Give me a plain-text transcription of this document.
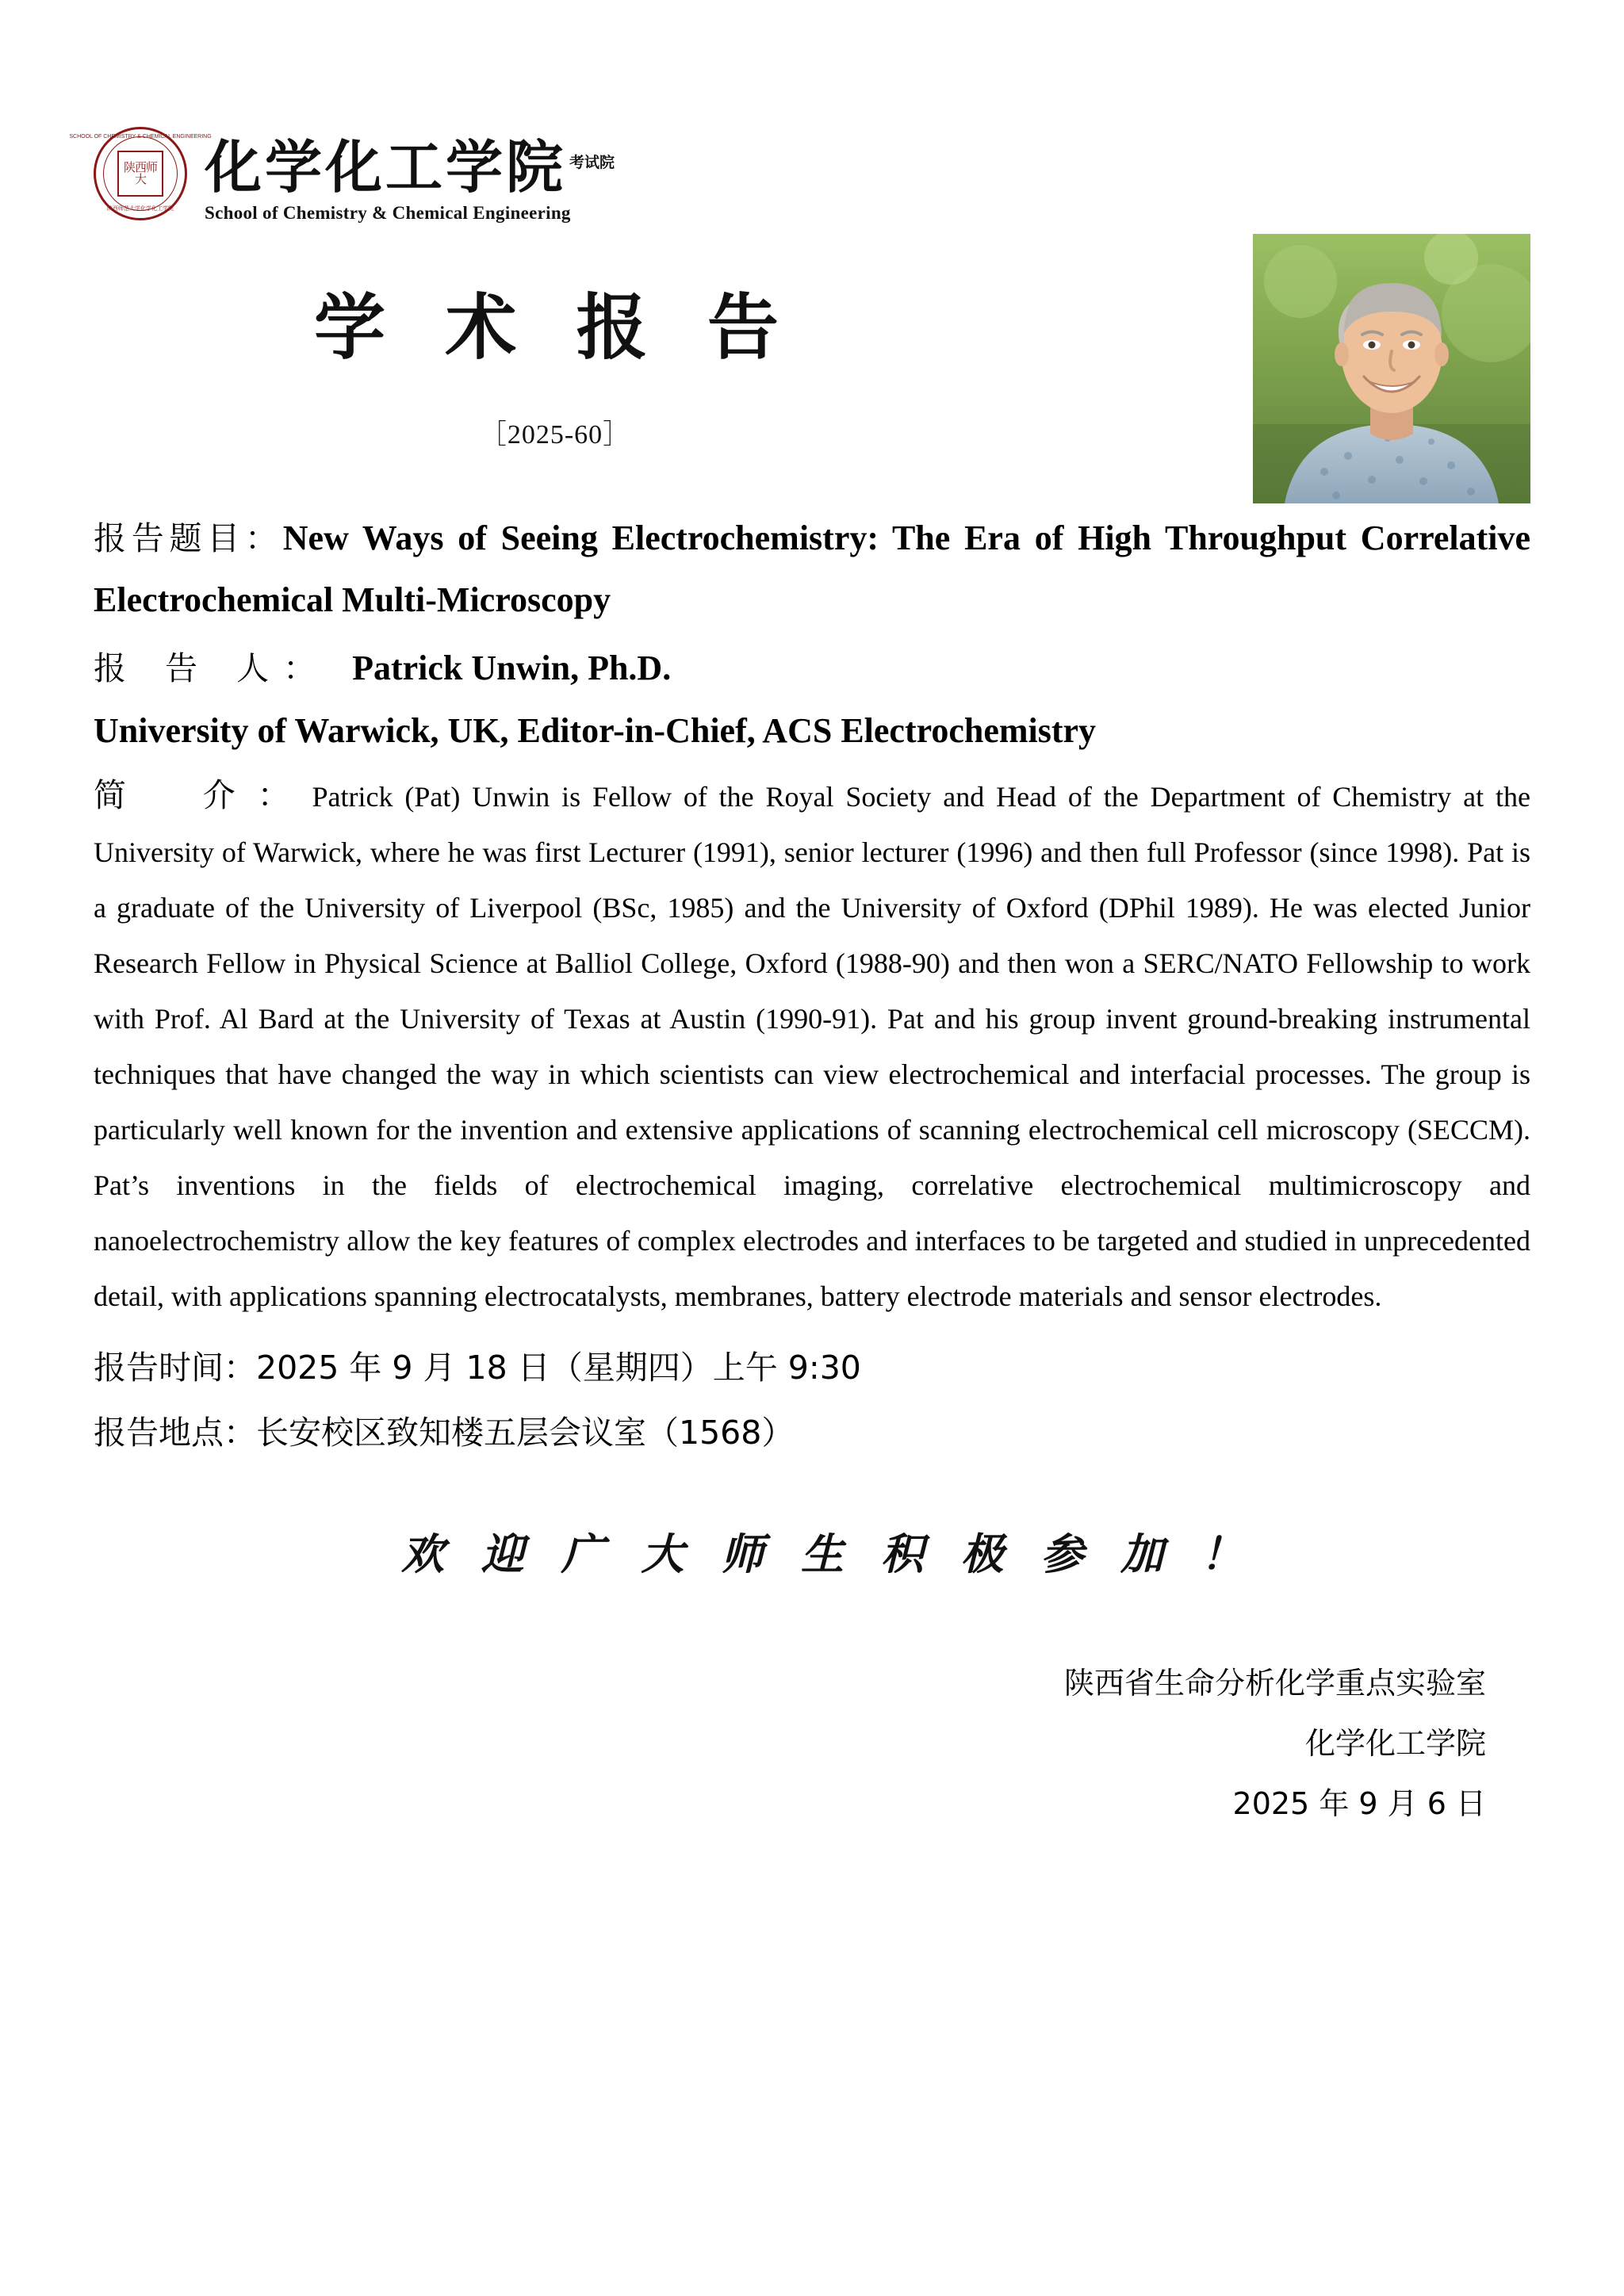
SCHOOL OF CHEMISTRY & CHEMICAL ENGINEERING
陕西师范大学化学化工学院
陕西师大	化学化工学院 $^{考试院}$
School of Chemistry & Chemical Engineering
学 术 报 告
［2025-60］
报告题目：New Ways of Seeing Electrochemistry: The Era of High Throughput Correlative Electrochemical Multi-Microscopy
报 告 人： Patrick Unwin, Ph.D.
University of Warwick, UK, Editor-in-Chief, ACS Electrochemistry
简　介：Patrick (Pat) Unwin is Fellow of the Royal Society and Head of the Department of Chemistry at the University of Warwick, where he was first Lecturer (1991), senior lecturer (1996) and then full Professor (since 1998). Pat is a graduate of the University of Liverpool (BSc, 1985) and the University of Oxford (DPhil 1989). He was elected Junior Research Fellow in Physical Science at Balliol College, Oxford (1988-90) and then won a SERC/NATO Fellowship to work with Prof. Al Bard at the University of Texas at Austin (1990-91). Pat and his group invent ground-breaking instrumental techniques that have changed the way in which scientists can view electrochemical and interfacial processes. The group is particularly well known for the invention and extensive applications of scanning electrochemical cell microscopy (SECCM). Pat’s inventions in the fields of electrochemical imaging, correlative electrochemical multimicroscopy and nanoelectrochemistry allow the key features of complex electrodes and interfaces to be targeted and studied in unprecedented detail, with applications spanning electrocatalysts, membranes, battery electrode materials and sensor electrodes.
报告时间：2025 年 9 月 18 日（星期四）上午 9:30
报告地点：长安校区致知楼五层会议室（1568）
欢 迎 广 大 师 生 积 极 参 加 ！
陕西省生命分析化学重点实验室
化学化工学院
2025 年 9 月 6 日
